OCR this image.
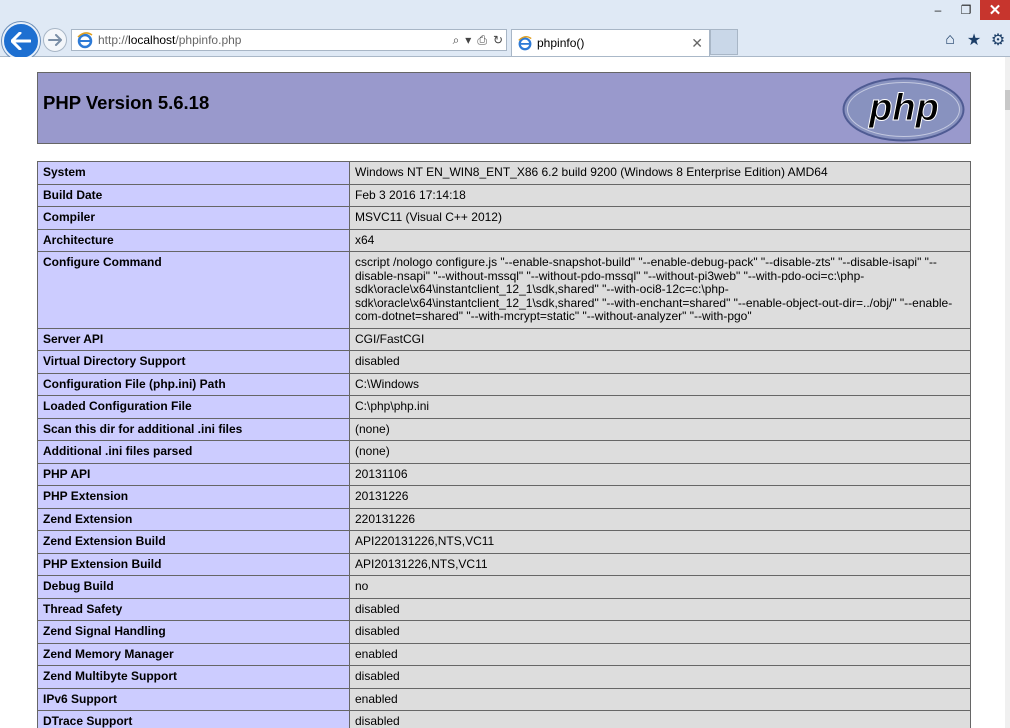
–	❐	✕
http://localhost/phpinfo.php	⌕ ▾ ⎙ ↻	phpinfo()	✕	⌂ ★ ⚙
PHP Version 5.6.18	php
System	Windows NT EN_WIN8_ENT_X86 6.2 build 9200 (Windows 8 Enterprise Edition) AMD64
Build Date	Feb 3 2016 17:14:18
Compiler	MSVC11 (Visual C++ 2012)
Architecture	x64
Configure Command	cscript /nologo configure.js "--enable-snapshot-build" "--enable-debug-pack" "--disable-zts" "--disable-isapi" "--disable-nsapi" "--without-mssql" "--without-pdo-mssql" "--without-pi3web" "--with-pdo-oci=c:\php-sdk\oracle\x64\instantclient_12_1\sdk,shared" "--with-oci8-12c=c:\php-sdk\oracle\x64\instantclient_12_1\sdk,shared" "--with-enchant=shared" "--enable-object-out-dir=../obj/" "--enable-com-dotnet=shared" "--with-mcrypt=static" "--without-analyzer" "--with-pgo"
Server API	CGI/FastCGI
Virtual Directory Support	disabled
Configuration File (php.ini) Path	C:\Windows
Loaded Configuration File	C:\php\php.ini
Scan this dir for additional .ini files	(none)
Additional .ini files parsed	(none)
PHP API	20131106
PHP Extension	20131226
Zend Extension	220131226
Zend Extension Build	API220131226,NTS,VC11
PHP Extension Build	API20131226,NTS,VC11
Debug Build	no
Thread Safety	disabled
Zend Signal Handling	disabled
Zend Memory Manager	enabled
Zend Multibyte Support	disabled
IPv6 Support	enabled
DTrace Support	disabled
